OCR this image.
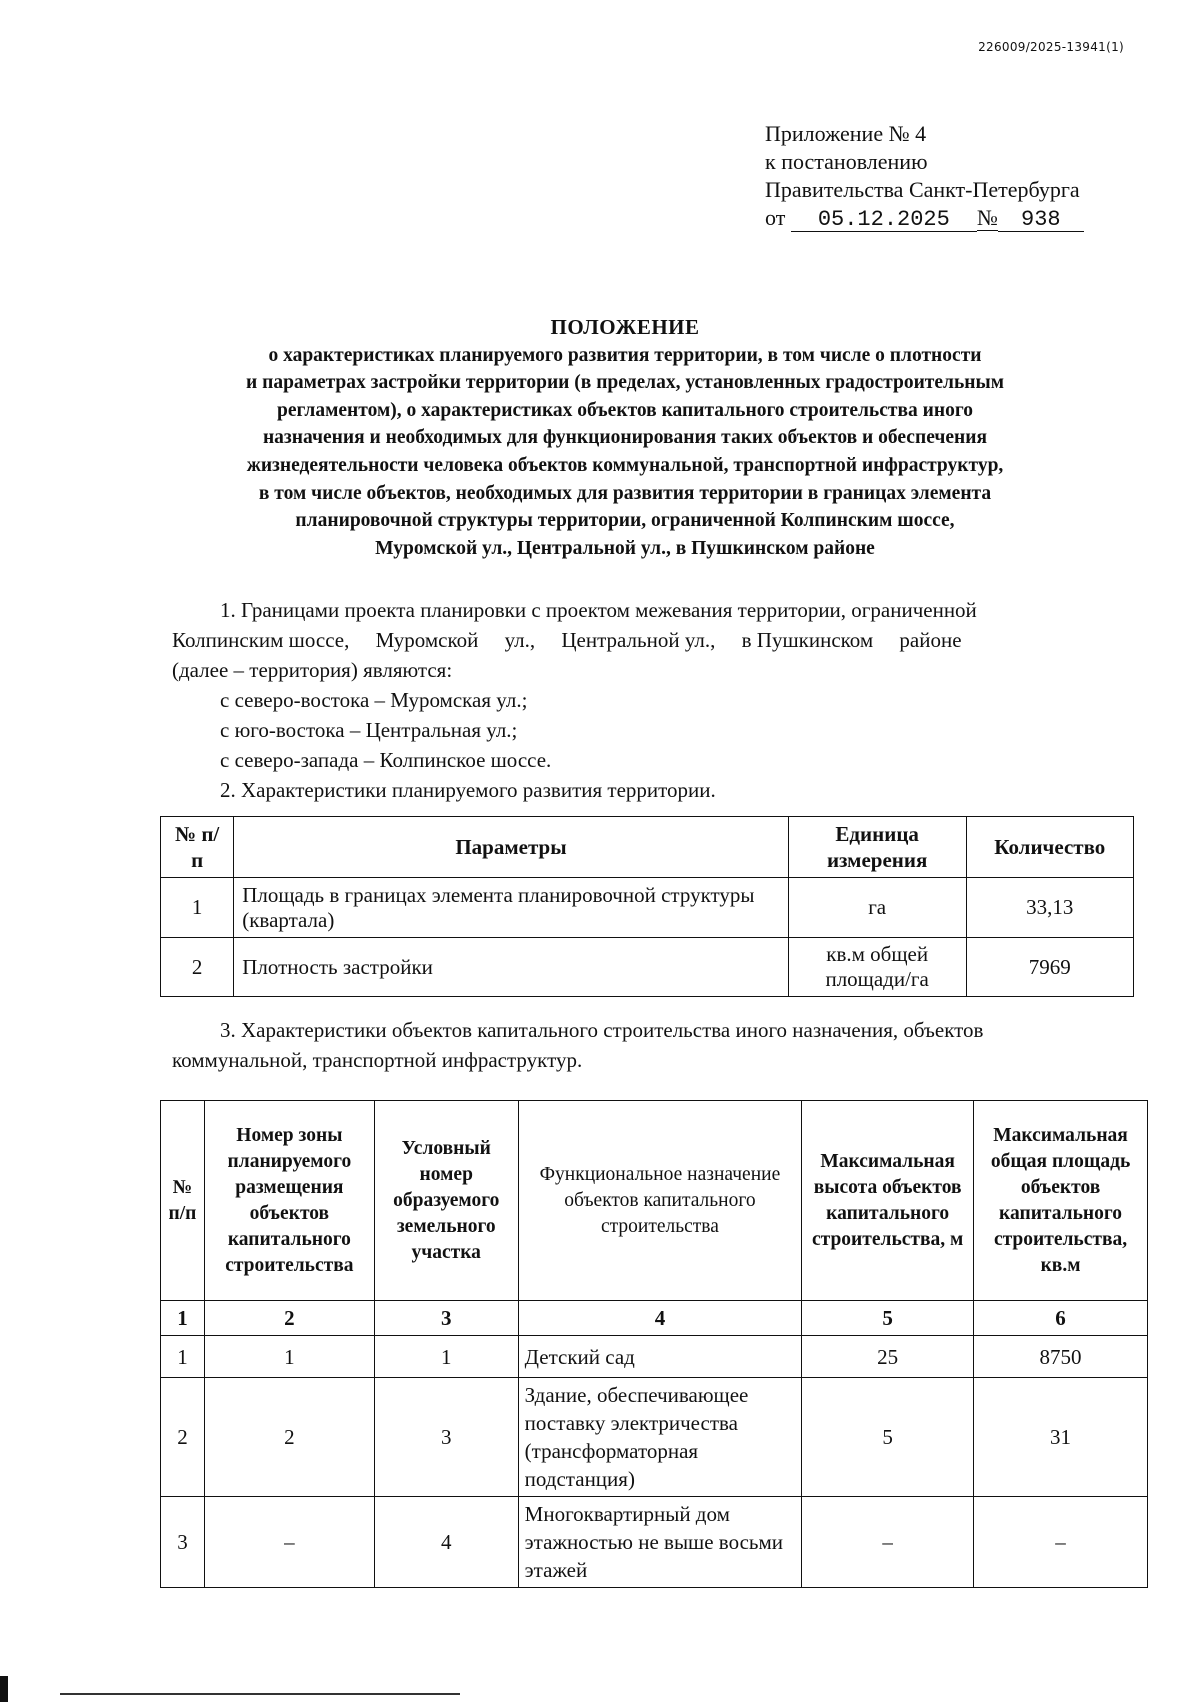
226009/2025-13941(1)
Приложение № 4
к постановлению
Правительства Санкт-Петербурга
от 05.12.2025 № 938
ПОЛОЖЕНИЕ
о характеристиках планируемого развития территории, в том числе о плотности
и параметрах застройки территории (в пределах, установленных градостроительным
регламентом), о характеристиках объектов капитального строительства иного
назначения и необходимых для функционирования таких объектов и обеспечения
жизнедеятельности человека объектов коммунальной, транспортной инфраструктур,
в том числе объектов, необходимых для развития территории в границах элемента
планировочной структуры территории, ограниченной Колпинским шоссе,
Муромской ул., Центральной ул., в Пушкинском районе
1. Границами проекта планировки с проектом межевания территории, ограниченной
Колпинским шоссе,     Муромской     ул.,     Центральной ул.,     в Пушкинском     районе
(далее – территория) являются:
с северо-востока – Муромская ул.;
с юго-востока – Центральная ул.;
с северо-запада – Колпинское шоссе.
2. Характеристики планируемого развития территории.
№ п/п	Параметры	Единица измерения	Количество
1	Площадь в границах элемента планировочной структуры (квартала)	га	33,13
2	Плотность застройки	кв.м общей площади/га	7969
3. Характеристики объектов капитального строительства иного назначения, объектов коммунальной, транспортной инфраструктур.
№ п/п	Номер зоны планируемого размещения объектов капитального строительства	Условный номер образуемого земельного участка	Функциональное назначение объектов капитального строительства	Максимальная высота объектов капитального строительства, м	Максимальная общая площадь объектов капитального строительства, кв.м
1	2	3	4	5	6
1	1	1	Детский сад	25	8750
2	2	3	Здание, обеспечивающее поставку электричества (трансформаторная подстанция)	5	31
3	–	4	Многоквартирный дом этажностью не выше восьми этажей	–	–
